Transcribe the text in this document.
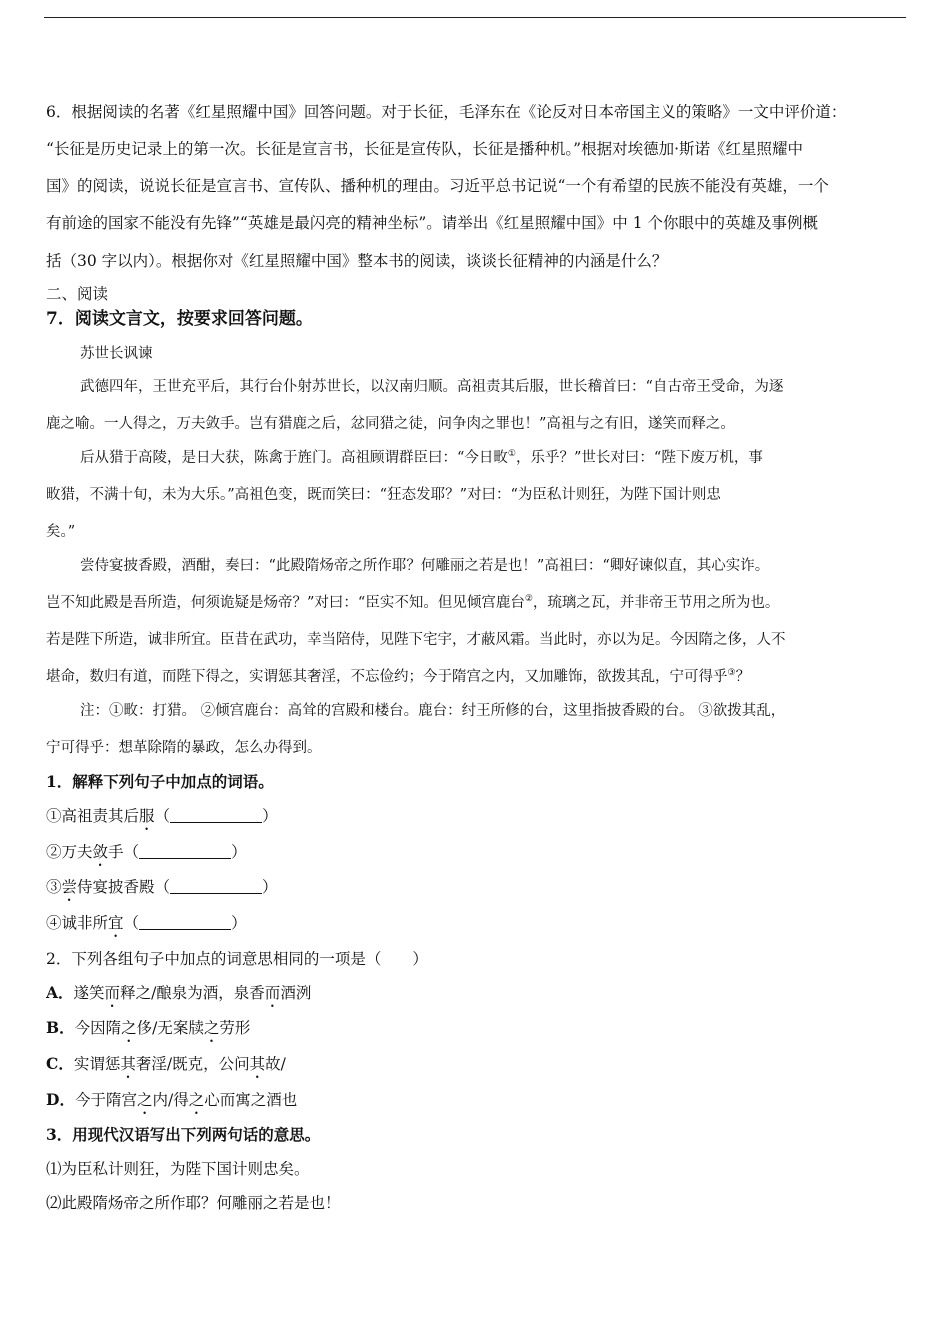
6．根据阅读的名著《红星照耀中国》回答问题。对于长征，毛泽东在《论反对日本帝国主义的策略》一文中评价道：
“长征是历史记录上的第一次。长征是宣言书，长征是宣传队，长征是播种机。”根据对埃德加·斯诺《红星照耀中
国》的阅读，说说长征是宣言书、宣传队、播种机的理由。习近平总书记说“一个有希望的民族不能没有英雄，一个
有前途的国家不能没有先锋”“英雄是最闪亮的精神坐标”。请举出《红星照耀中国》中 1 个你眼中的英雄及事例概
括（30 字以内）。根据你对《红星照耀中国》整本书的阅读，谈谈长征精神的内涵是什么？
二、阅读
7．阅读文言文，按要求回答问题。
苏世长讽谏
武德四年，王世充平后，其行台仆射苏世长，以汉南归顺。高祖责其后服，世长稽首曰：“自古帝王受命，为逐
鹿之喻。一人得之，万夫敛手。岂有猎鹿之后，忿同猎之徒，问争肉之罪也！”高祖与之有旧，遂笑而释之。
后从猎于高陵，是日大获，陈禽于旌门。高祖顾谓群臣曰：“今日畋①，乐乎？”世长对曰：“陛下废万机，事
畋猎，不满十旬，未为大乐。”高祖色变，既而笑曰：“狂态发耶？”对曰：“为臣私计则狂，为陛下国计则忠
矣。”
尝侍宴披香殿，酒酣，奏曰：“此殿隋炀帝之所作耶？何雕丽之若是也！”高祖曰：“卿好谏似直，其心实诈。
岂不知此殿是吾所造，何须诡疑是炀帝？”对曰：“臣实不知。但见倾宫鹿台②，琉璃之瓦，并非帝王节用之所为也。
若是陛下所造，诚非所宜。臣昔在武功，幸当陪侍，见陛下宅宇，才蔽风霜。当此时，亦以为足。今因隋之侈，人不
堪命，数归有道，而陛下得之，实谓惩其奢淫，不忘俭约；今于隋宫之内，又加雕饰，欲拨其乱，宁可得乎③？
注：①畋：打猎。 ②倾宫鹿台：高耸的宫殿和楼台。鹿台：纣王所修的台，这里指披香殿的台。 ③欲拨其乱，
宁可得乎：想革除隋的暴政，怎么办得到。
1．解释下列句子中加点的词语。
①高祖责其后服（	）
②万夫敛手（	）
③尝侍宴披香殿（	）
④诚非所宜（	）
2．下列各组句子中加点的词意思相同的一项是（　　）
A．遂笑而释之/酿泉为酒，泉香而酒洌
B．今因隋之侈/无案牍之劳形
C．实谓惩其奢淫/既克，公问其故/
D．今于隋宫之内/得之心而寓之酒也
3．用现代汉语写出下列两句话的意思。
⑴为臣私计则狂，为陛下国计则忠矣。
⑵此殿隋炀帝之所作耶？何雕丽之若是也！
